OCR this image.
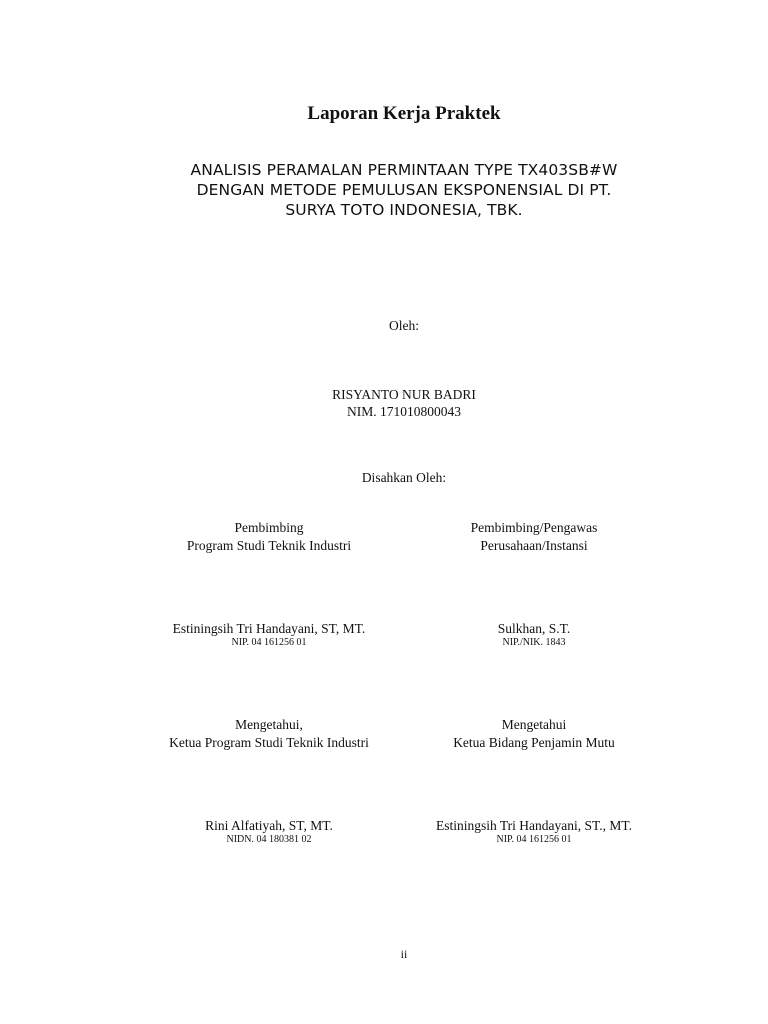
Laporan Kerja Praktek
ANALISIS PERAMALAN PERMINTAAN TYPE TX403SB#W
DENGAN METODE PEMULUSAN EKSPONENSIAL DI PT.
SURYA TOTO INDONESIA, TBK.
Oleh:
RISYANTO NUR BADRI
NIM. 171010800043
Disahkan Oleh:
Pembimbing
Program Studi Teknik Industri
Pembimbing/Pengawas
Perusahaan/Instansi
Estiningsih Tri Handayani, ST, MT.
NIP. 04 161256 01
Sulkhan, S.T.
NIP./NIK. 1843
Mengetahui,
Ketua Program Studi Teknik Industri
Mengetahui
Ketua Bidang Penjamin Mutu
Rini Alfatiyah, ST, MT.
NIDN. 04 180381 02
Estiningsih Tri Handayani, ST., MT.
NIP. 04 161256 01
ii
